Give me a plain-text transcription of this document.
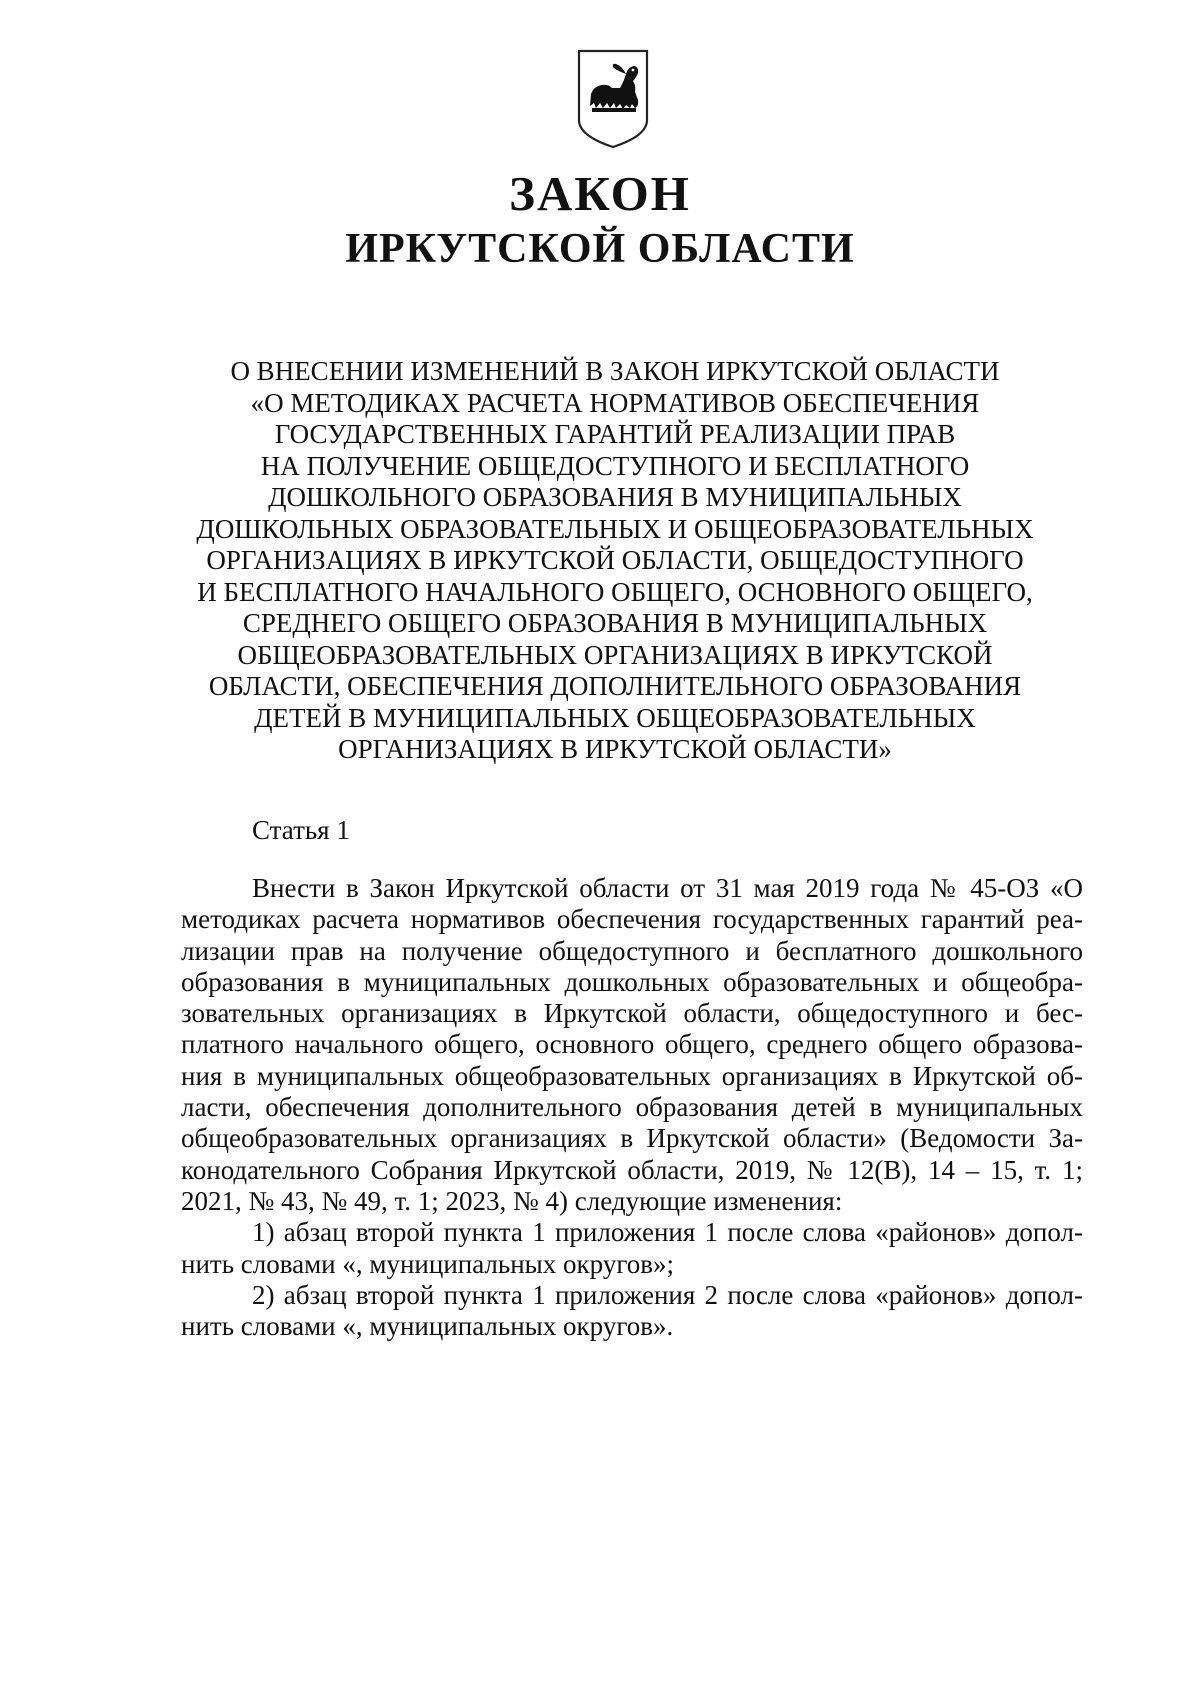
ЗАКОН
ИРКУТСКОЙ ОБЛАСТИ
О ВНЕСЕНИИ ИЗМЕНЕНИЙ В ЗАКОН ИРКУТСКОЙ ОБЛАСТИ
«О МЕТОДИКАХ РАСЧЕТА НОРМАТИВОВ ОБЕСПЕЧЕНИЯ
ГОСУДАРСТВЕННЫХ ГАРАНТИЙ РЕАЛИЗАЦИИ ПРАВ
НА ПОЛУЧЕНИЕ ОБЩЕДОСТУПНОГО И БЕСПЛАТНОГО
ДОШКОЛЬНОГО ОБРАЗОВАНИЯ В МУНИЦИПАЛЬНЫХ
ДОШКОЛЬНЫХ ОБРАЗОВАТЕЛЬНЫХ И ОБЩЕОБРАЗОВАТЕЛЬНЫХ
ОРГАНИЗАЦИЯХ В ИРКУТСКОЙ ОБЛАСТИ, ОБЩЕДОСТУПНОГО
И БЕСПЛАТНОГО НАЧАЛЬНОГО ОБЩЕГО, ОСНОВНОГО ОБЩЕГО,
СРЕДНЕГО ОБЩЕГО ОБРАЗОВАНИЯ В МУНИЦИПАЛЬНЫХ
ОБЩЕОБРАЗОВАТЕЛЬНЫХ ОРГАНИЗАЦИЯХ В ИРКУТСКОЙ
ОБЛАСТИ, ОБЕСПЕЧЕНИЯ ДОПОЛНИТЕЛЬНОГО ОБРАЗОВАНИЯ
ДЕТЕЙ В МУНИЦИПАЛЬНЫХ ОБЩЕОБРАЗОВАТЕЛЬНЫХ
ОРГАНИЗАЦИЯХ В ИРКУТСКОЙ ОБЛАСТИ»
Статья 1
Внести в Закон Иркутской области от 31 мая 2019 года № 45-ОЗ «О
методиках расчета нормативов обеспечения государственных гарантий реа-
лизации прав на получение общедоступного и бесплатного дошкольного
образования в муниципальных дошкольных образовательных и общеобра-
зовательных организациях в Иркутской области, общедоступного и бес-
платного начального общего, основного общего, среднего общего образова-
ния в муниципальных общеобразовательных организациях в Иркутской об-
ласти, обеспечения дополнительного образования детей в муниципальных
общеобразовательных организациях в Иркутской области» (Ведомости За-
конодательного Собрания Иркутской области, 2019, № 12(В), 14 – 15, т. 1;
2021, № 43, № 49, т. 1; 2023, № 4) следующие изменения:
1) абзац второй пункта 1 приложения 1 после слова «районов» допол-
нить словами «, муниципальных округов»;
2) абзац второй пункта 1 приложения 2 после слова «районов» допол-
нить словами «, муниципальных округов».
